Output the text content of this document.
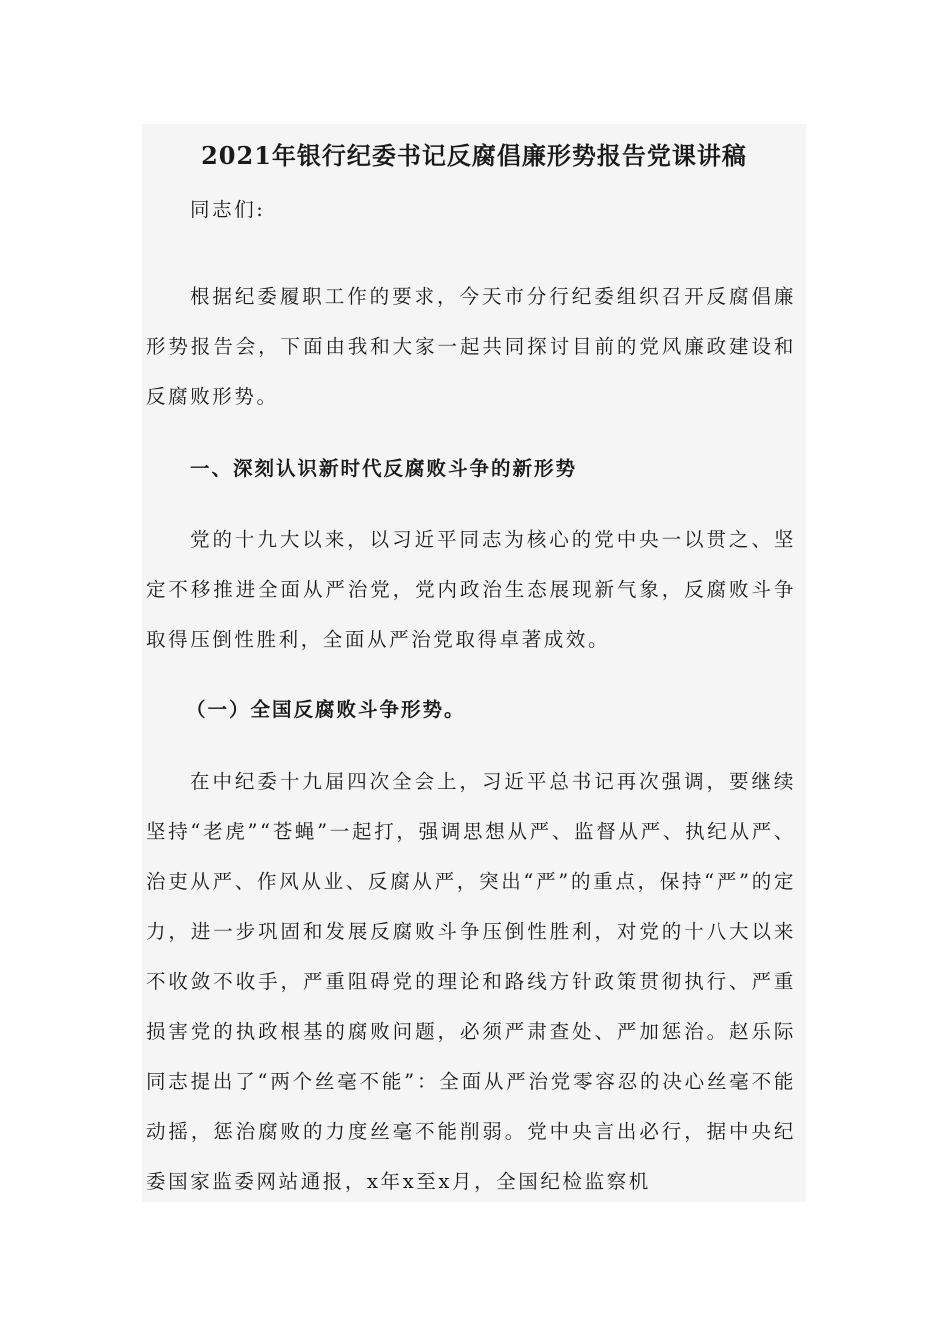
2021年银行纪委书记反腐倡廉形势报告党课讲稿
同志们:
根据纪委履职工作的要求，今天市分行纪委组织召开反腐倡廉形势报告会，下面由我和大家一起共同探讨目前的党风廉政建设和反腐败形势。
一、深刻认识新时代反腐败斗争的新形势
党的十九大以来，以习近平同志为核心的党中央一以贯之、坚定不移推进全面从严治党，党内政治生态展现新气象，反腐败斗争取得压倒性胜利，全面从严治党取得卓著成效。
（一）全国反腐败斗争形势。
在中纪委十九届四次全会上，习近平总书记再次强调，要继续坚持“老虎”“苍蝇”一起打，强调思想从严、监督从严、执纪从严、治吏从严、作风从业、反腐从严，突出“严”的重点，保持“严”的定力，进一步巩固和发展反腐败斗争压倒性胜利，对党的十八大以来不收敛不收手，严重阻碍党的理论和路线方针政策贯彻执行、严重损害党的执政根基的腐败问题，必须严肃查处、严加惩治。赵乐际同志提出了“两个丝毫不能”：全面从严治党零容忍的决心丝毫不能动摇，惩治腐败的力度丝毫不能削弱。党中央言出必行，据中央纪委国家监委网站通报，x年x至x月，全国纪检监察机
